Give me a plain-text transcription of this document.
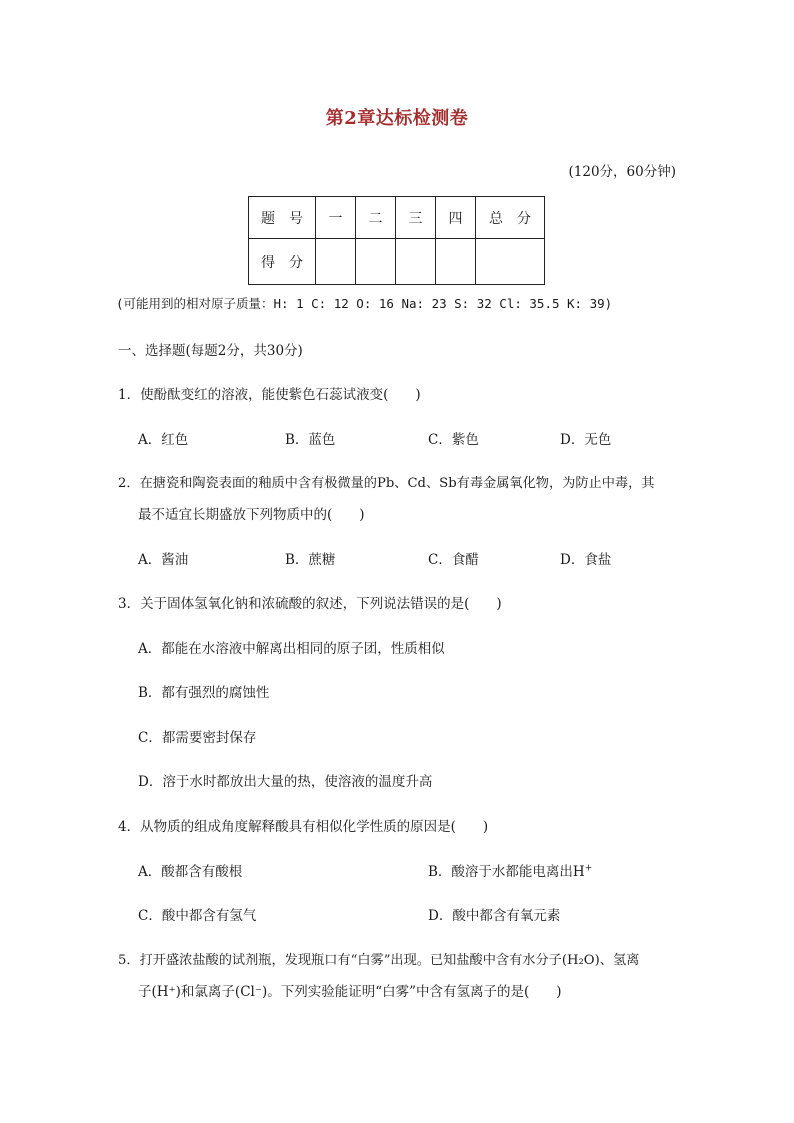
第2章达标检测卷
(120分，60分钟)
题　号	一	二	三	四	总　分
得　分					
(可能用到的相对原子质量：H: 1 C: 12 O: 16 Na: 23 S: 32 Cl: 35.5 K: 39)
一、选择题(每题2分，共30分)
1．使酚酞变红的溶液，能使紫色石蕊试液变(　　)
A．红色	B．蓝色	C．紫色	D．无色
2．在搪瓷和陶瓷表面的釉质中含有极微量的Pb、Cd、Sb有毒金属氧化物，为防止中毒，其
最不适宜长期盛放下列物质中的(　　)
A．酱油	B．蔗糖	C．食醋	D．食盐
3．关于固体氢氧化钠和浓硫酸的叙述，下列说法错误的是(　　)
A．都能在水溶液中解离出相同的原子团，性质相似
B．都有强烈的腐蚀性
C．都需要密封保存
D．溶于水时都放出大量的热，使溶液的温度升高
4．从物质的组成角度解释酸具有相似化学性质的原因是(　　)
A．酸都含有酸根	B．酸溶于水都能电离出H+
C．酸中都含有氢气	D．酸中都含有氧元素
5．打开盛浓盐酸的试剂瓶，发现瓶口有“白雾”出现。已知盐酸中含有水分子(H₂O)、氢离
子(H⁺)和氯离子(Cl⁻)。下列实验能证明“白雾”中含有氢离子的是(　　)
